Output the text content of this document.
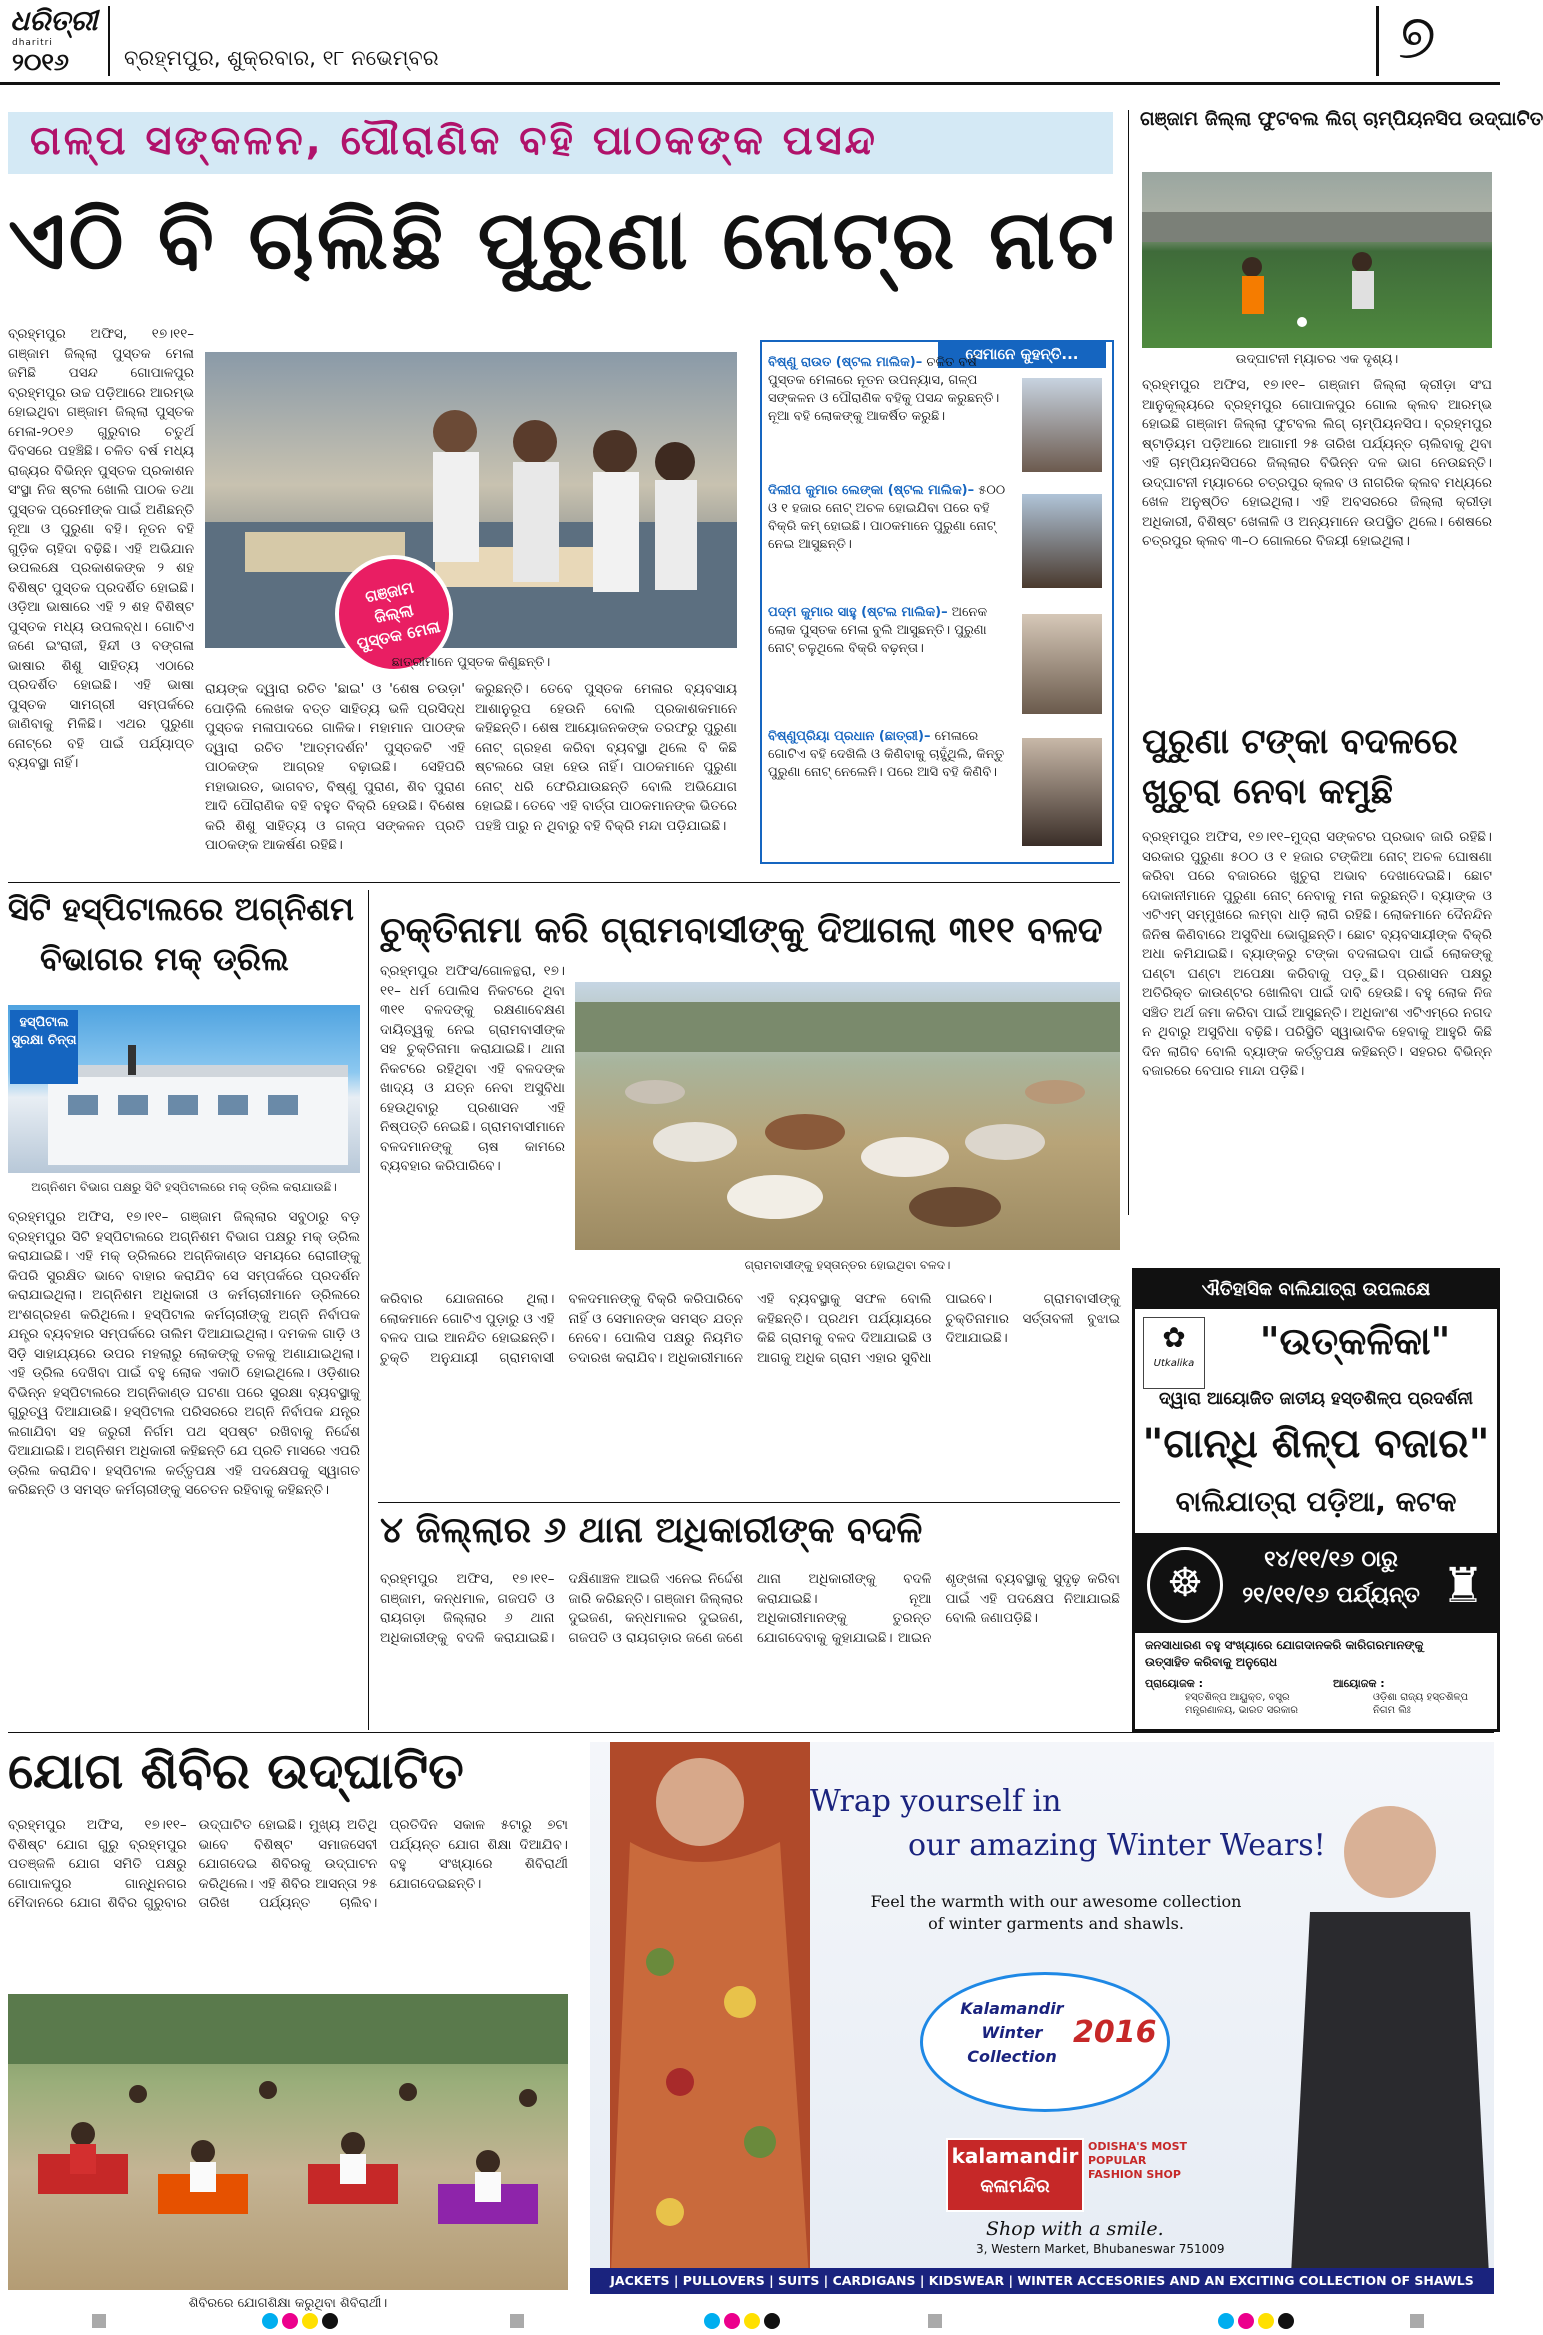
ଧରିତ୍ରୀ
dharitri
୨୦୧୬	ବ୍ରହ୍ମପୁର, ଶୁକ୍ରବାର, ୧୮ ନଭେମ୍ବର	୭
ଗଳ୍ପ ସଙ୍କଳନ, ପୌରାଣିକ ବହି ପାଠକଙ୍କ ପସନ୍ଦ
ଏଠି ବି ଚାଲିଛି ପୁରୁଣା ନୋଟ୍‌ର ନାଟ
ବ୍ରହ୍ମପୁର ଅଫିସ, ୧୭।୧୧– ଗଞ୍ଜାମ ଜିଲ୍ଲା ପୁସ୍ତକ ମେଳା ଜମିଛି ପସନ୍ଦ ଗୋପାଳପୁର ବ୍ରହ୍ମପୁର ଉଚ୍ଚ ପଡ଼ିଆରେ ଆରମ୍ଭ ହୋଇଥିବା ଗଞ୍ଜାମ ଜିଲ୍ଲା ପୁସ୍ତକ ମେଳା-୨୦୧୬ ଗୁରୁବାର ଚତୁର୍ଥ ଦିବସରେ ପହଞ୍ଚିଛି। ଚଳିତ ବର୍ଷ ମଧ୍ୟ ରାଜ୍ୟର ବିଭିନ୍ନ ପୁସ୍ତକ ପ୍ରକାଶନ ସଂସ୍ଥା ନିଜ ଷ୍ଟଲ ଖୋଲି ପାଠକ ତଥା ପୁସ୍ତକ ପ୍ରେମୀଙ୍କ ପାଇଁ ଅଣିଛନ୍ତି ନୂଆ ଓ ପୁରୁଣା ବହି। ନୂତନ ବହି ଗୁଡ଼ିକ ଚାହିଦା ବଢ଼ିଛି। ଏହି ଅଭିଯାନ ଉପଲକ୍ଷେ ପ୍ରକାଶକଙ୍କ ୨ ଶହ ବିଶିଷ୍ଟ ପୁସ୍ତକ ପ୍ରଦର୍ଶିତ ହୋଇଛି। ଓଡ଼ିଆ ଭାଷାରେ ଏହି ୨ ଶହ ବିଶିଷ୍ଟ ପୁସ୍ତକ ମଧ୍ୟ ଉପଲବ୍ଧ। ଗୋଟିଏ ଜଣେ ଇଂରାଜୀ, ହିନ୍ଦୀ ଓ ବଙ୍ଗଳା ଭାଷାର ଶିଶୁ ସାହିତ୍ୟ ଏଠାରେ ପ୍ରଦର୍ଶିତ ହୋଇଛି। ଏହି ଭାଷା ପୁସ୍ତକ ସାମଗ୍ରୀ ସମ୍ପର୍କରେ ଜାଣିବାକୁ ମିଳିଛି। ଏଥର ପୁରୁଣା ନୋଟ୍‌ରେ ବହି ପାଇଁ ପର୍ଯ୍ୟାପ୍ତ ବ୍ୟବସ୍ଥା ନାହିଁ।
ଗଞ୍ଜାମ ଜିଲ୍ଲା ପୁସ୍ତକ ମେଳା
ଛାତ୍ରୀମାନେ ପୁସ୍ତକ କିଣୁଛନ୍ତି।
ରାୟଙ୍କ ଦ୍ୱାରା ରଚିତ 'ଛାଇ' ଓ 'ଶେଷ ଚଉଡ଼ା' ପୋଡ଼ିଲି ଲେଖକ ବତ୍ତ ସାହିତ୍ୟ ଭଳି ପ୍ରସିଦ୍ଧ ପୁସ୍ତକ ମଳାପାଦରେ ଗାଳିକ। ମହାମାନ ପାଠଙ୍କ ଦ୍ୱାରା ରଚିତ 'ଆତ୍ମଦର୍ଶନ' ପୁସ୍ତକଟି ଏହି ପାଠକଙ୍କ ଆଗ୍ରହ ବଢ଼ାଇଛି। ସେହିପରି ମହାଭାରତ, ଭାଗବତ, ବିଷ୍ଣୁ ପୁରାଣ, ଶିବ ପୁରାଣ ଆଦି ପୌରାଣିକ ବହି ବହୁତ ବିକ୍ରି ହେଉଛି। ବିଶେଷ କରି ଶିଶୁ ସାହିତ୍ୟ ଓ ଗଳ୍ପ ସଙ୍କଳନ ପ୍ରତି ପାଠକଙ୍କ ଆକର୍ଷଣ ରହିଛି।
କରୁଛନ୍ତି। ତେବେ ପୁସ୍ତକ ମେଳାର ବ୍ୟବସାୟ ଆଶାନୁରୂପ ହେଉନି ବୋଲି ପ୍ରକାଶକମାନେ କହିଛନ୍ତି। ଶେଷ ଆୟୋଜନକଙ୍କ ତରଫରୁ ପୁରୁଣା ନୋଟ୍ ଗ୍ରହଣ କରିବା ବ୍ୟବସ୍ଥା ଥିଲେ ବି କିଛି ଷ୍ଟଲରେ ତାହା ହେଉ ନାହିଁ। ପାଠକମାନେ ପୁରୁଣା ନୋଟ୍ ଧରି ଫେରିଯାଉଛନ୍ତି ବୋଲି ଅଭିଯୋଗ ହୋଇଛି। ତେବେ ଏହି ବାର୍ତ୍ତା ପାଠକମାନଙ୍କ ଭିତରେ ପହଞ୍ଚି ପାରୁ ନ ଥିବାରୁ ବହି ବିକ୍ରି ମନ୍ଦା ପଡ଼ିଯାଇଛି।
ସେମାନେ କୁହନ୍ତି...
ବିଷ୍ଣୁ ରାଉତ (ଷ୍ଟଲ ମାଲିକ)– ଚଳିତ ବର୍ଷ ପୁସ୍ତକ ମେଳାରେ ନୂତନ ଉପନ୍ୟାସ, ଗଳ୍ପ ସଙ୍କଳନ ଓ ପୌରାଣିକ ବହିକୁ ପସନ୍ଦ କରୁଛନ୍ତି। ନୂଆ ବହି ଲୋକଙ୍କୁ ଆକର୍ଷିତ କରୁଛି।
ଦିଲୀପ କୁମାର ଲେଙ୍କା (ଷ୍ଟଲ ମାଲିକ)– ୫୦୦ ଓ ୧ ହଜାର ନୋଟ୍ ଅଚଳ ହୋଇଯିବା ପରେ ବହି ବିକ୍ରି କମ୍ ହୋଇଛି। ପାଠକମାନେ ପୁରୁଣା ନୋଟ୍ ନେଇ ଆସୁଛନ୍ତି।
ପଦ୍ମ କୁମାର ସାହୁ (ଷ୍ଟଲ ମାଲିକ)– ଅନେକ ଲୋକ ପୁସ୍ତକ ମେଳା ବୁଲି ଆସୁଛନ୍ତି। ପୁରୁଣା ନୋଟ୍ ଚଳୁଥିଲେ ବିକ୍ରି ବଢ଼ନ୍ତା।
ବିଷ୍ଣୁପ୍ରିୟା ପ୍ରଧାନ (ଛାତ୍ରୀ)– ମେଳାରେ ଗୋଟିଏ ବହି ଦେଖିଲି ଓ କିଣିବାକୁ ଚାହୁଁଥିଲି, କିନ୍ତୁ ପୁରୁଣା ନୋଟ୍ ନେଲେନି। ପରେ ଆସି ବହି କିଣିବି।
ଗଞ୍ଜାମ ଜିଲ୍ଲା ଫୁଟବଲ ଲିଗ୍ ଚାମ୍ପିୟନସିପ ଉଦ୍‌ଘାଟିତ
ଉଦ୍‌ଘାଟନୀ ମ୍ୟାଚର ଏକ ଦୃଶ୍ୟ।
ବ୍ରହ୍ମପୁର ଅଫିସ, ୧୭।୧୧– ଗଞ୍ଜାମ ଜିଲ୍ଲା କ୍ରୀଡ଼ା ସଂଘ ଆନୁକୂଲ୍ୟରେ ବ୍ରହ୍ମପୁର ଗୋପାଳପୁର ଗୋଲ କ୍ଲବ ଆରମ୍ଭ ହୋଇଛି ଗଞ୍ଜାମ ଜିଲ୍ଲା ଫୁଟବଲ ଲିଗ୍ ଚାମ୍ପିୟନସିପ। ବ୍ରହ୍ମପୁର ଷ୍ଟାଡ଼ିୟମ ପଡ଼ିଆରେ ଆଗାମୀ ୨୫ ତାରିଖ ପର୍ଯ୍ୟନ୍ତ ଚାଲିବାକୁ ଥିବା ଏହି ଚାମ୍ପିୟନସିପରେ ଜିଲ୍ଲାର ବିଭିନ୍ନ ଦଳ ଭାଗ ନେଉଛନ୍ତି। ଉଦ୍‌ଘାଟନୀ ମ୍ୟାଚରେ ଚତ୍ରପୁର କ୍ଲବ ଓ ନାଗରିକ କ୍ଲବ ମଧ୍ୟରେ ଖେଳ ଅନୁଷ୍ଠିତ ହୋଇଥିଲା। ଏହି ଅବସରରେ ଜିଲ୍ଲା କ୍ରୀଡ଼ା ଅଧିକାରୀ, ବିଶିଷ୍ଟ ଖେଳାଳି ଓ ଅନ୍ୟମାନେ ଉପସ୍ଥିତ ଥିଲେ। ଶେଷରେ ଚତ୍ରପୁର କ୍ଲବ ୩–୦ ଗୋଲରେ ବିଜୟୀ ହୋଇଥିଲା।
ପୁରୁଣା ଟଙ୍କା ବଦଳରେ
ଖୁଚୁରା ନେବା କମୁଛି
ବ୍ରହ୍ମପୁର ଅଫିସ, ୧୭।୧୧–ମୁଦ୍ରା ସଙ୍କଟର ପ୍ରଭାବ ଜାରି ରହିଛି। ସରକାର ପୁରୁଣା ୫୦୦ ଓ ୧ ହଜାର ଟଙ୍କିଆ ନୋଟ୍ ଅଚଳ ଘୋଷଣା କରିବା ପରେ ବଜାରରେ ଖୁଚୁରା ଅଭାବ ଦେଖାଦେଇଛି। ଛୋଟ ଦୋକାନୀମାନେ ପୁରୁଣା ନୋଟ୍ ନେବାକୁ ମନା କରୁଛନ୍ତି। ବ୍ୟାଙ୍କ ଓ ଏଟିଏମ୍ ସମ୍ମୁଖରେ ଲମ୍ବା ଧାଡ଼ି ଲାଗି ରହିଛି। ଲୋକମାନେ ଦୈନନ୍ଦିନ ଜିନିଷ କିଣିବାରେ ଅସୁବିଧା ଭୋଗୁଛନ୍ତି। ଛୋଟ ବ୍ୟବସାୟୀଙ୍କ ବିକ୍ରି ଅଧା କମିଯାଇଛି। ବ୍ୟାଙ୍କରୁ ଟଙ୍କା ବଦଳାଇବା ପାଇଁ ଲୋକଙ୍କୁ ଘଣ୍ଟା ଘଣ୍ଟା ଅପେକ୍ଷା କରିବାକୁ ପଡ଼ୁଛି। ପ୍ରଶାସନ ପକ୍ଷରୁ ଅତିରିକ୍ତ କାଉଣ୍ଟର ଖୋଲିବା ପାଇଁ ଦାବି ହେଉଛି। ବହୁ ଲୋକ ନିଜ ସଞ୍ଚିତ ଅର୍ଥ ଜମା କରିବା ପାଇଁ ଆସୁଛନ୍ତି। ଅଧିକାଂଶ ଏଟିଏମ୍‌ରେ ନଗଦ ନ ଥିବାରୁ ଅସୁବିଧା ବଢ଼ିଛି। ପରିସ୍ଥିତି ସ୍ୱାଭାବିକ ହେବାକୁ ଆହୁରି କିଛି ଦିନ ଲାଗିବ ବୋଲି ବ୍ୟାଙ୍କ କର୍ତ୍ତୃପକ୍ଷ କହିଛନ୍ତି। ସହରର ବିଭିନ୍ନ ବଜାରରେ ବେପାର ମାନ୍ଦା ପଡ଼ିଛି।
ସିଟି ହସ୍ପିଟାଲରେ ଅଗ୍ନିଶମ
ବିଭାଗର ମକ୍ ଡ୍ରିଲ
ହସ୍ପିଟାଲ ସୁରକ୍ଷା ଚିନ୍ତା
ଅଗ୍ନିଶମ ବିଭାଗ ପକ୍ଷରୁ ସିଟି ହସ୍ପିଟାଲରେ ମକ୍ ଡ୍ରିଲ କରାଯାଉଛି।
ବ୍ରହ୍ମପୁର ଅଫିସ, ୧୭।୧୧– ଗଞ୍ଜାମ ଜିଲ୍ଲାର ସବୁଠାରୁ ବଡ଼ ବ୍ରହ୍ମପୁର ସିଟି ହସ୍ପିଟାଲରେ ଅଗ୍ନିଶମ ବିଭାଗ ପକ୍ଷରୁ ମକ୍ ଡ୍ରିଲ କରାଯାଇଛି। ଏହି ମକ୍ ଡ୍ରିଲରେ ଅଗ୍ନିକାଣ୍ଡ ସମୟରେ ରୋଗୀଙ୍କୁ କିପରି ସୁରକ୍ଷିତ ଭାବେ ବାହାର କରାଯିବ ସେ ସମ୍ପର୍କରେ ପ୍ରଦର୍ଶନ କରାଯାଇଥିଲା। ଅଗ୍ନିଶମ ଅଧିକାରୀ ଓ କର୍ମଚାରୀମାନେ ଡ୍ରିଲରେ ଅଂଶଗ୍ରହଣ କରିଥିଲେ। ହସ୍ପିଟାଲ କର୍ମଚାରୀଙ୍କୁ ଅଗ୍ନି ନିର୍ବାପକ ଯନ୍ତ୍ର ବ୍ୟବହାର ସମ୍ପର୍କରେ ତାଲିମ ଦିଆଯାଇଥିଲା। ଦମକଳ ଗାଡ଼ି ଓ ସିଡ଼ି ସାହାଯ୍ୟରେ ଉପର ମହଲାରୁ ଲୋକଙ୍କୁ ତଳକୁ ଅଣାଯାଇଥିଲା। ଏହି ଡ୍ରିଲ ଦେଖିବା ପାଇଁ ବହୁ ଲୋକ ଏକାଠି ହୋଇଥିଲେ। ଓଡ଼ିଶାର ବିଭିନ୍ନ ହସ୍ପିଟାଲରେ ଅଗ୍ନିକାଣ୍ଡ ଘଟଣା ପରେ ସୁରକ୍ଷା ବ୍ୟବସ୍ଥାକୁ ଗୁରୁତ୍ୱ ଦିଆଯାଉଛି। ହସ୍ପିଟାଲ ପରିସରରେ ଅଗ୍ନି ନିର୍ବାପକ ଯନ୍ତ୍ର ଲଗାଯିବା ସହ ଜରୁରୀ ନିର୍ଗମ ପଥ ସ୍ପଷ୍ଟ ରଖିବାକୁ ନିର୍ଦ୍ଦେଶ ଦିଆଯାଇଛି। ଅଗ୍ନିଶମ ଅଧିକାରୀ କହିଛନ୍ତି ଯେ ପ୍ରତି ମାସରେ ଏପରି ଡ୍ରିଲ କରାଯିବ। ହସ୍ପିଟାଲ କର୍ତ୍ତୃପକ୍ଷ ଏହି ପଦକ୍ଷେପକୁ ସ୍ୱାଗତ କରିଛନ୍ତି ଓ ସମସ୍ତ କର୍ମଚାରୀଙ୍କୁ ସଚେତନ ରହିବାକୁ କହିଛନ୍ତି।
ଚୁକ୍ତିନାମା କରି ଗ୍ରାମବାସୀଙ୍କୁ ଦିଆଗଲା ୩୧୧ ବଳଦ
ବ୍ରହ୍ମପୁର ଅଫିସ/ଗୋଳନ୍ଥରା, ୧୭।୧୧– ଧର୍ମ ପୋଲିସ ନିକଟରେ ଥିବା ୩୧୧ ବଳଦଙ୍କୁ ରକ୍ଷଣାବେକ୍ଷଣ ଦାୟିତ୍ୱକୁ ନେଇ ଗ୍ରାମବାସୀଙ୍କ ସହ ଚୁକ୍ତିନାମା କରାଯାଇଛି। ଥାନା ନିକଟରେ ରହିଥିବା ଏହି ବଳଦଙ୍କ ଖାଦ୍ୟ ଓ ଯତ୍ନ ନେବା ଅସୁବିଧା ହେଉଥିବାରୁ ପ୍ରଶାସନ ଏହି ନିଷ୍ପତ୍ତି ନେଇଛି। ଗ୍ରାମବାସୀମାନେ ବଳଦମାନଙ୍କୁ ଚାଷ କାମରେ ବ୍ୟବହାର କରିପାରିବେ।
ଗ୍ରାମବାସୀଙ୍କୁ ହସ୍ତାନ୍ତର ହୋଇଥିବା ବଳଦ।
କରିବାର ଯୋଜନାରେ ଥିଲା। ଲୋକମାନେ ଗୋଟିଏ ପୁଡ଼ାରୁ ଓ ଏହି ବଳଦ ପାଇ ଆନନ୍ଦିତ ହୋଇଛନ୍ତି। ଚୁକ୍ତି ଅନୁଯାୟୀ ଗ୍ରାମବାସୀ ବଳଦମାନଙ୍କୁ ବିକ୍ରି କରିପାରିବେ ନାହିଁ ଓ ସେମାନଙ୍କ ସମସ୍ତ ଯତ୍ନ ନେବେ। ପୋଲିସ ପକ୍ଷରୁ ନିୟମିତ ତଦାରଖ କରାଯିବ। ଅଧିକାରୀମାନେ ଏହି ବ୍ୟବସ୍ଥାକୁ ସଫଳ ବୋଲି କହିଛନ୍ତି। ପ୍ରଥମ ପର୍ଯ୍ୟାୟରେ କିଛି ଗ୍ରାମକୁ ବଳଦ ଦିଆଯାଇଛି ଓ ଆଗକୁ ଅଧିକ ଗ୍ରାମ ଏହାର ସୁବିଧା ପାଇବେ। ଗ୍ରାମବାସୀଙ୍କୁ ଚୁକ୍ତିନାମାର ସର୍ତ୍ତାବଳୀ ବୁଝାଇ ଦିଆଯାଇଛି।
୪ ଜିଲ୍ଲାର ୬ ଥାନା ଅଧିକାରୀଙ୍କ ବଦଳି
ବ୍ରହ୍ମପୁର ଅଫିସ, ୧୭।୧୧–ଗଞ୍ଜାମ, କନ୍ଧମାଳ, ଗଜପତି ଓ ରାୟଗଡ଼ା ଜିଲ୍ଲାର ୬ ଥାନା ଅଧିକାରୀଙ୍କୁ ବଦଳି କରାଯାଇଛି। ଦକ୍ଷିଣାଞ୍ଚଳ ଆଇଜି ଏନେଇ ନିର୍ଦ୍ଦେଶ ଜାରି କରିଛନ୍ତି। ଗଞ୍ଜାମ ଜିଲ୍ଲାର ଦୁଇଜଣ, କନ୍ଧମାଳର ଦୁଇଜଣ, ଗଜପତି ଓ ରାୟଗଡ଼ାର ଜଣେ ଜଣେ ଥାନା ଅଧିକାରୀଙ୍କୁ ବଦଳି କରାଯାଇଛି। ନୂଆ ଅଧିକାରୀମାନଙ୍କୁ ତୁରନ୍ତ ଯୋଗଦେବାକୁ କୁହାଯାଇଛି। ଆଇନ ଶୃଙ୍ଖଳା ବ୍ୟବସ୍ଥାକୁ ସୁଦୃଢ଼ କରିବା ପାଇଁ ଏହି ପଦକ୍ଷେପ ନିଆଯାଇଛି ବୋଲି ଜଣାପଡ଼ିଛି।
ଐତିହାସିକ ବାଲିଯାତ୍ରା ଉପଲକ୍ଷେ
✿
Utkalika
"ଉତ୍କଳିକା"
ଦ୍ୱାରା ଆୟୋଜିତ ଜାତୀୟ ହସ୍ତଶିଳ୍ପ ପ୍ରଦର୍ଶନୀ
"ଗାନ୍ଧି ଶିଳ୍ପ ବଜାର"
ବାଲିଯାତ୍ରା ପଡ଼ିଆ, କଟକ
☸
୧୪/୧୧/୧୬ ଠାରୁ
୨୧/୧୧/୧୬ ପର୍ଯ୍ୟନ୍ତ ♜
ଜନସାଧାରଣ ବହୁ ସଂଖ୍ୟାରେ ଯୋଗଦାନକରି କାରିଗରମାନଙ୍କୁ ଉତ୍ସାହିତ କରିବାକୁ ଅନୁରୋଧ
ପ୍ରାୟୋଜକ :
ହସ୍ତଶିଳ୍ପ ଆୟୁକ୍ତ, ବସ୍ତ୍ର ମନ୍ତ୍ରଣାଳୟ, ଭାରତ ସରକାର
ଆୟୋଜକ :
ଓଡ଼ିଶା ରାଜ୍ୟ ହସ୍ତଶିଳ୍ପ ନିଗମ ଲିଃ
ଯୋଗ ଶିବିର ଉଦ୍‌ଘାଟିତ
ବ୍ରହ୍ମପୁର ଅଫିସ, ୧୭।୧୧– ବିଶିଷ୍ଟ ଯୋଗ ଗୁରୁ ବ୍ରହ୍ମପୁର ପତଞ୍ଜଳି ଯୋଗ ସମିତି ପକ୍ଷରୁ ଗୋପାଳପୁର ଗାନ୍ଧିନଗର ମୈଦାନରେ ଯୋଗ ଶିବିର ଗୁରୁବାର ଉଦ୍‌ଘାଟିତ ହୋଇଛି। ମୁଖ୍ୟ ଅତିଥି ଭାବେ ବିଶିଷ୍ଟ ସମାଜସେବୀ ଯୋଗଦେଇ ଶିବିରକୁ ଉଦ୍‌ଘାଟନ କରିଥିଲେ। ଏହି ଶିବିର ଆସନ୍ତା ୨୫ ତାରିଖ ପର୍ଯ୍ୟନ୍ତ ଚାଲିବ। ପ୍ରତିଦିନ ସକାଳ ୫ଟାରୁ ୭ଟା ପର୍ଯ୍ୟନ୍ତ ଯୋଗ ଶିକ୍ଷା ଦିଆଯିବ। ବହୁ ସଂଖ୍ୟାରେ ଶିବିରାର୍ଥୀ ଯୋଗଦେଇଛନ୍ତି।
ଶିବିରରେ ଯୋଗଶିକ୍ଷା କରୁଥିବା ଶିବିରାର୍ଥୀ।
Wrap yourself in
our amazing Winter Wears!
Feel the warmth with our awesome collection
of winter garments and shawls.
Kalamandir
Winter
Collection
2016
kalamandir
କଳାମନ୍ଦିର
ODISHA'S MOST POPULAR FASHION SHOP
Shop with a smile.
3, Western Market, Bhubaneswar 751009
JACKETS | PULLOVERS | SUITS | CARDIGANS | KIDSWEAR | WINTER ACCESORIES AND AN EXCITING COLLECTION OF SHAWLS
